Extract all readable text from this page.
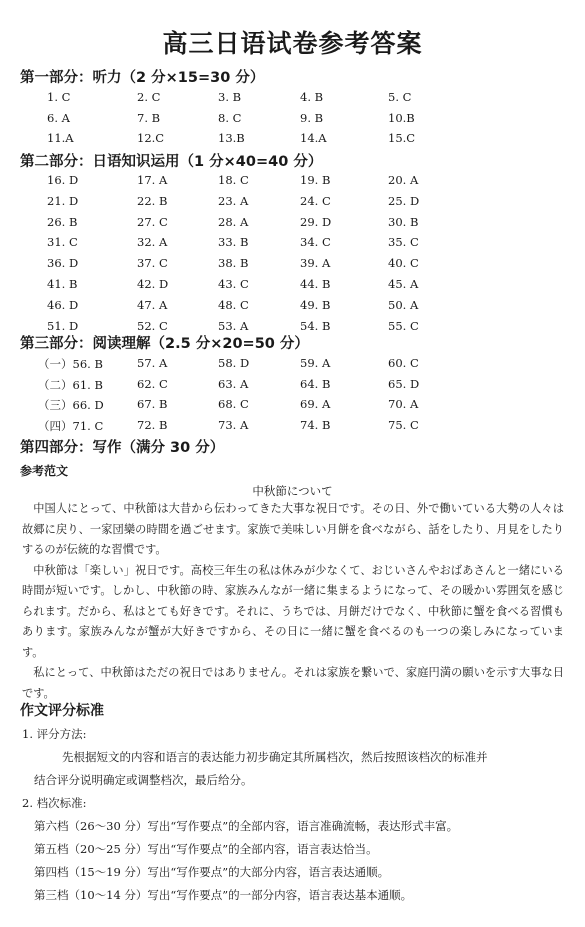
高三日语试卷参考答案
第一部分：听力（2 分×15=30 分）
1. C	2. C	3. B	4. B	5. C
6. A	7. B	8. C	9. B	10.B
11.A	12.C	13.B	14.A	15.C
第二部分：日语知识运用（1 分×40=40 分）
16. D	17. A	18. C	19. B	20. A
21. D	22. B	23. A	24. C	25. D
26. B	27. C	28. A	29. D	30. B
31. C	32. A	33. B	34. C	35. C
36. D	37. C	38. B	39. A	40. C
41. B	42. D	43. C	44. B	45. A
46. D	47. A	48. C	49. B	50. A
51. D	52. C	53. A	54. B	55. C
第三部分：阅读理解（2.5 分×20=50 分）
（一）56. B	57. A	58. D	59. A	60. C
（二）61. B	62. C	63. A	64. B	65. D
（三）66. D	67. B	68. C	69. A	70. A
（四）71. C	72. B	73. A	74. B	75. C
第四部分：写作（满分 30 分）
参考范文
中秋節について

中国人にとって、中秋節は大昔から伝わってきた大事な祝日です。その日、外で働いている大勢の人々は故郷に戻り、一家団欒の時間を過ごせます。家族で美味しい月餅を食べながら、話をしたり、月見をしたりするのが伝統的な習慣です。

中秋節は「楽しい」祝日です。高校三年生の私は休みが少なくて、おじいさんやおばあさんと一緒にいる時間が短いです。しかし、中秋節の時、家族みんなが一緒に集まるようになって、その暖かい雰囲気を感じられます。だから、私はとても好きです。それに、うちでは、月餅だけでなく、中秋節に蟹を食べる習慣もあります。家族みんなが蟹が大好きですから、その日に一緒に蟹を食べるのも一つの楽しみになっています。

私にとって、中秋節はただの祝日ではありません。それは家族を繋いで、家庭円満の願いを示す大事な日です。

作文评分标准
1. 评分方法:
先根据短文的内容和语言的表达能力初步确定其所属档次，然后按照该档次的标准并
结合评分说明确定或调整档次，最后给分。
2. 档次标准:
第六档（26～30 分）写出“写作要点”的全部内容，语言准确流畅，表达形式丰富。
第五档（20～25 分）写出“写作要点”的全部内容，语言表达恰当。
第四档（15～19 分）写出“写作要点”的大部分内容，语言表达通顺。
第三档（10～14 分）写出“写作要点”的一部分内容，语言表达基本通顺。
